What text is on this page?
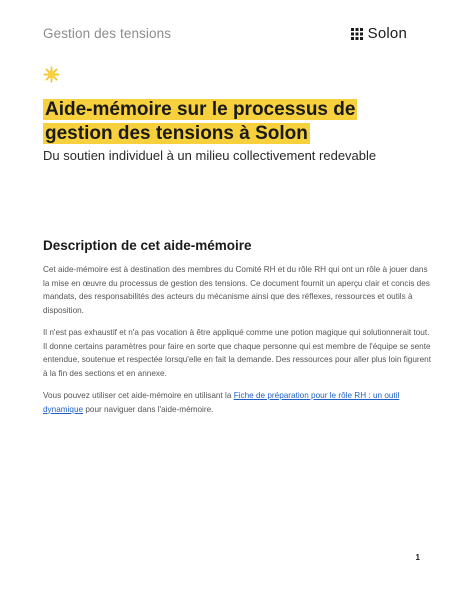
Gestion des tensions	Solon
Aide-mémoire sur le processus de gestion des tensions à Solon
Du soutien individuel à un milieu collectivement redevable
Description de cet aide-mémoire

Cet aide-mémoire est à destination des membres du Comité RH et du rôle RH qui ont un rôle à jouer dans la mise en œuvre du processus de gestion des tensions. Ce document fournit un aperçu clair et concis des mandats, des responsabilités des acteurs du mécanisme ainsi que des réflexes, ressources et outils à disposition.

Il n'est pas exhaustif et n'a pas vocation à être appliqué comme une potion magique qui solutionnerait tout. Il donne certains paramètres pour faire en sorte que chaque personne qui est membre de l'équipe se sente entendue, soutenue et respectée lorsqu'elle en fait la demande. Des ressources pour aller plus loin figurent à la fin des sections et en annexe.

Vous pouvez utiliser cet aide-mémoire en utilisant la Fiche de préparation pour le rôle RH : un outil dynamique pour naviguer dans l'aide-mémoire.

1
